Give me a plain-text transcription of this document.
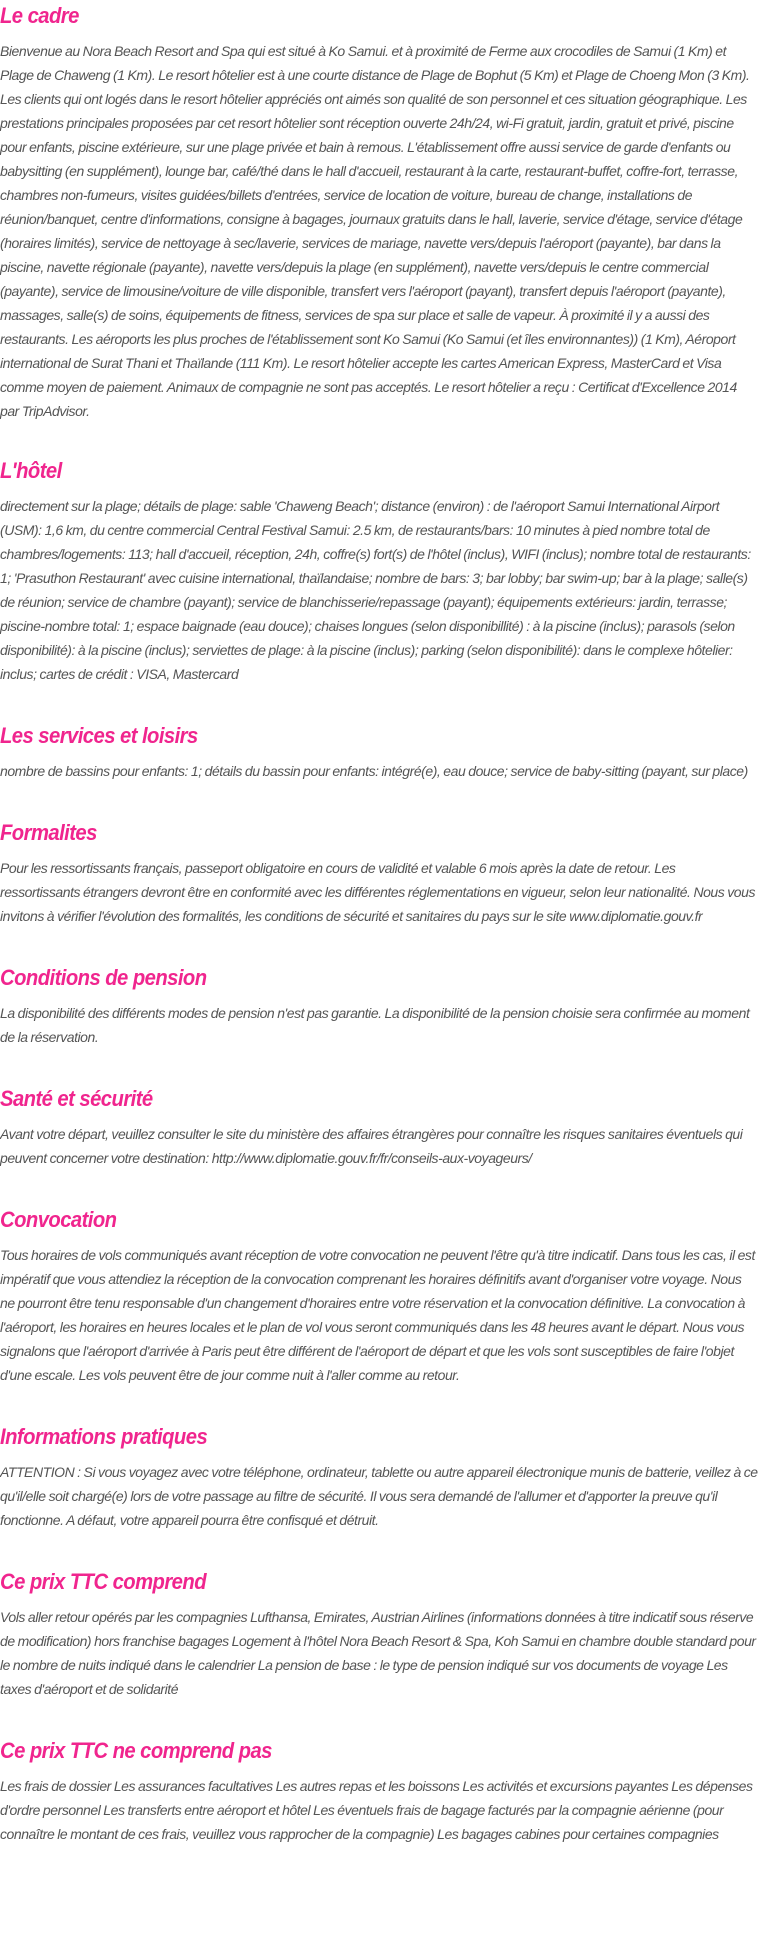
Le cadre

Bienvenue au Nora Beach Resort and Spa qui est situé à Ko Samui. et à proximité de Ferme aux crocodiles de Samui (1 Km) et Plage de Chaweng (1 Km). Le resort hôtelier est à une courte distance de Plage de Bophut (5 Km) et Plage de Choeng Mon (3 Km). Les clients qui ont logés dans le resort hôtelier appréciés ont aimés son qualité de son personnel et ces situation géographique. Les prestations principales proposées par cet resort hôtelier sont réception ouverte 24h/24, wi-Fi gratuit, jardin, gratuit et privé, piscine pour enfants, piscine extérieure, sur une plage privée et bain à remous. L'établissement offre aussi service de garde d'enfants ou babysitting (en supplément), lounge bar, café/thé dans le hall d'accueil, restaurant à la carte, restaurant-buffet, coffre-fort, terrasse, chambres non-fumeurs, visites guidées/billets d'entrées, service de location de voiture, bureau de change, installations de réunion/banquet, centre d'informations, consigne à bagages, journaux gratuits dans le hall, laverie, service d'étage, service d'étage (horaires limités), service de nettoyage à sec/laverie, services de mariage, navette vers/depuis l'aéroport (payante), bar dans la piscine, navette régionale (payante), navette vers/depuis la plage (en supplément), navette vers/depuis le centre commercial (payante), service de limousine/voiture de ville disponible, transfert vers l'aéroport (payant), transfert depuis l'aéroport (payante), massages, salle(s) de soins, équipements de fitness, services de spa sur place et salle de vapeur. À proximité il y a aussi des restaurants. Les aéroports les plus proches de l'établissement sont Ko Samui (Ko Samui (et îles environnantes)) (1 Km), Aéroport international de Surat Thani et Thaïlande (111 Km). Le resort hôtelier accepte les cartes American Express, MasterCard et Visa comme moyen de paiement. Animaux de compagnie ne sont pas acceptés. Le resort hôtelier a reçu : Certificat d'Excellence 2014 par TripAdvisor.

L'hôtel

directement sur la plage; détails de plage: sable 'Chaweng Beach'; distance (environ) : de l'aéroport Samui International Airport (USM): 1,6 km, du centre commercial Central Festival Samui: 2.5 km, de restaurants/bars: 10 minutes à pied nombre total de chambres/logements: 113; hall d'accueil, réception, 24h, coffre(s) fort(s) de l'hôtel (inclus), WIFI (inclus); nombre total de restaurants: 1; 'Prasuthon Restaurant' avec cuisine international, thaïlandaise; nombre de bars: 3; bar lobby; bar swim-up; bar à la plage; salle(s) de réunion; service de chambre (payant); service de blanchisserie/repassage (payant); équipements extérieurs: jardin, terrasse; piscine-nombre total: 1; espace baignade (eau douce); chaises longues (selon disponibillité) : à la piscine (inclus); parasols (selon disponibilité): à la piscine (inclus); serviettes de plage: à la piscine (inclus); parking (selon disponibilité): dans le complexe hôtelier: inclus; cartes de crédit : VISA, Mastercard

Les services et loisirs

nombre de bassins pour enfants: 1; détails du bassin pour enfants: intégré(e), eau douce; service de baby-sitting (payant, sur place)

Formalites

Pour les ressortissants français, passeport obligatoire en cours de validité et valable 6 mois après la date de retour. Les ressortissants étrangers devront être en conformité avec les différentes réglementations en vigueur, selon leur nationalité. Nous vous invitons à vérifier l'évolution des formalités, les conditions de sécurité et sanitaires du pays sur le site www.diplomatie.gouv.fr

Conditions de pension

La disponibilité des différents modes de pension n'est pas garantie. La disponibilité de la pension choisie sera confirmée au moment de la réservation.

Santé et sécurité

Avant votre départ, veuillez consulter le site du ministère des affaires étrangères pour connaître les risques sanitaires éventuels qui peuvent concerner votre destination: http://www.diplomatie.gouv.fr/fr/conseils-aux-voyageurs/

Convocation

Tous horaires de vols communiqués avant réception de votre convocation ne peuvent l'être qu'à titre indicatif. Dans tous les cas, il est impératif que vous attendiez la réception de la convocation comprenant les horaires définitifs avant d'organiser votre voyage. Nous ne pourront être tenu responsable d'un changement d'horaires entre votre réservation et la convocation définitive. La convocation à l'aéroport, les horaires en heures locales et le plan de vol vous seront communiqués dans les 48 heures avant le départ. Nous vous signalons que l'aéroport d'arrivée à Paris peut être différent de l'aéroport de départ et que les vols sont susceptibles de faire l'objet d'une escale. Les vols peuvent être de jour comme nuit à l'aller comme au retour.

Informations pratiques

ATTENTION : Si vous voyagez avec votre téléphone, ordinateur, tablette ou autre appareil électronique munis de batterie, veillez à ce qu'il/elle soit chargé(e) lors de votre passage au filtre de sécurité. Il vous sera demandé de l'allumer et d'apporter la preuve qu'il fonctionne. A défaut, votre appareil pourra être confisqué et détruit.

Ce prix TTC comprend

Vols aller retour opérés par les compagnies Lufthansa, Emirates, Austrian Airlines (informations données à titre indicatif sous réserve de modification) hors franchise bagages Logement à l'hôtel Nora Beach Resort & Spa, Koh Samui en chambre double standard pour le nombre de nuits indiqué dans le calendrier La pension de base : le type de pension indiqué sur vos documents de voyage Les taxes d'aéroport et de solidarité

Ce prix TTC ne comprend pas

Les frais de dossier Les assurances facultatives Les autres repas et les boissons Les activités et excursions payantes Les dépenses d'ordre personnel Les transferts entre aéroport et hôtel Les éventuels frais de bagage facturés par la compagnie aérienne (pour connaître le montant de ces frais, veuillez vous rapprocher de la compagnie) Les bagages cabines pour certaines compagnies
